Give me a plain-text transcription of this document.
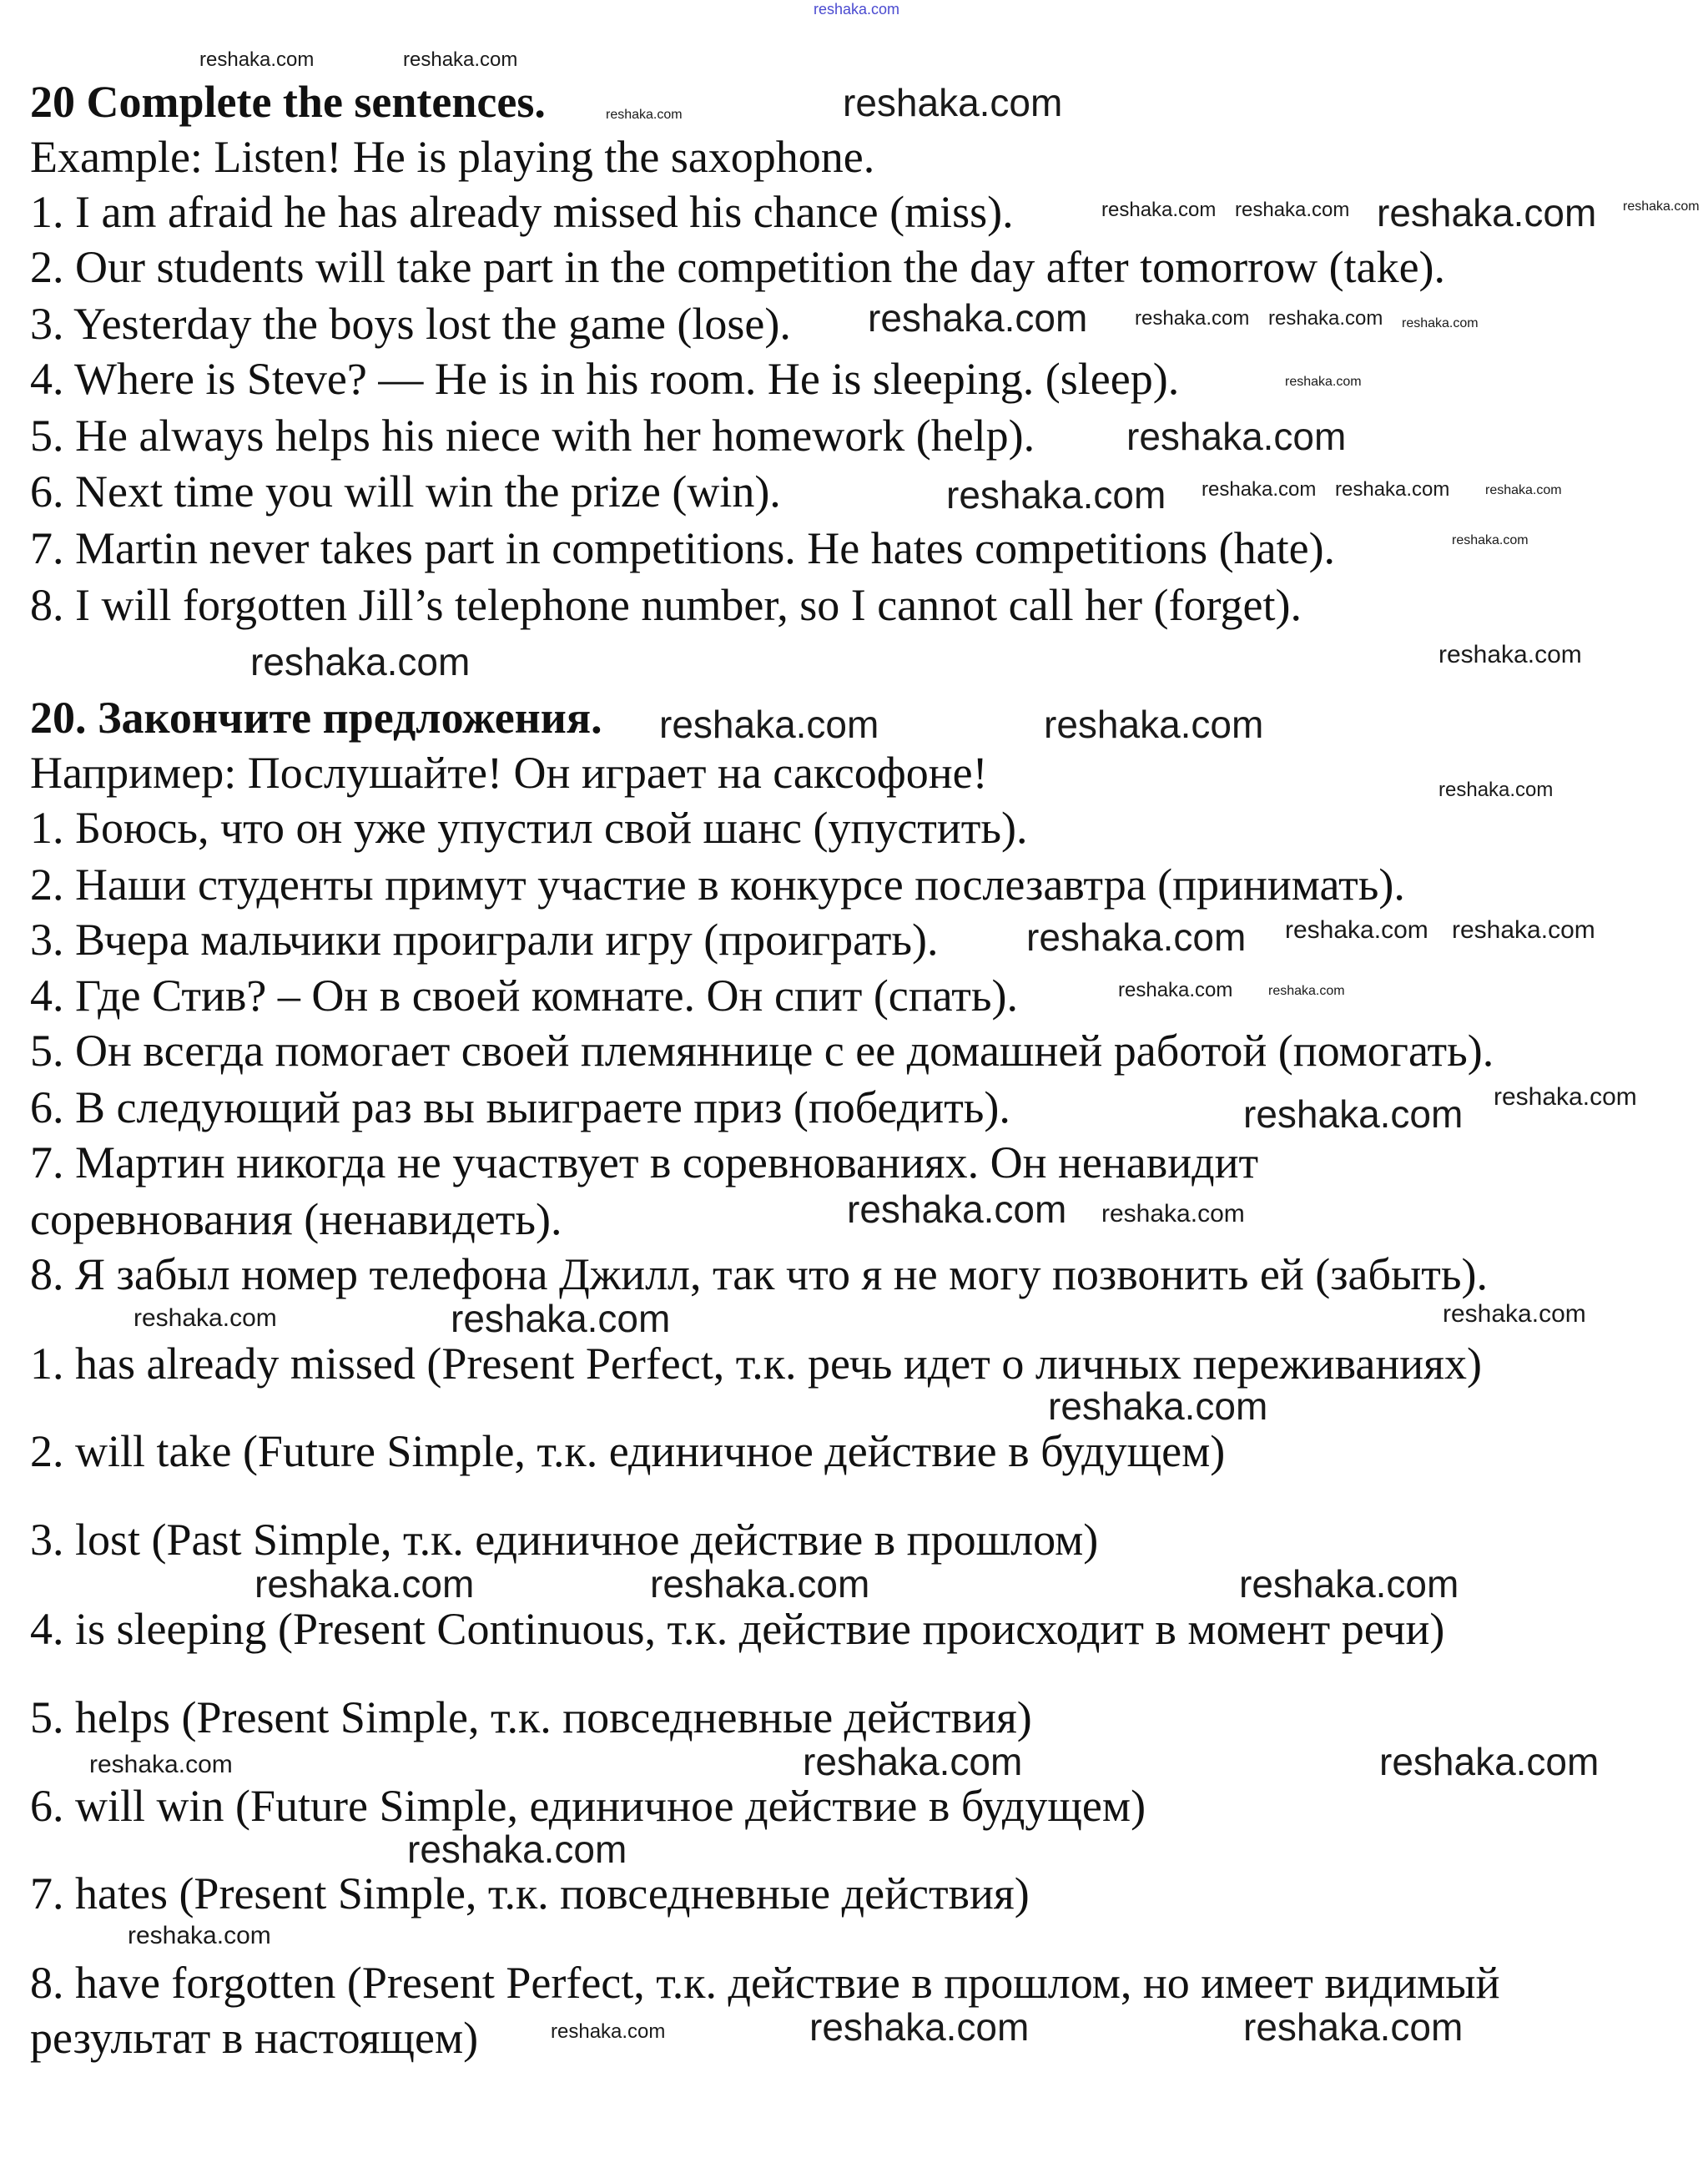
20 Complete the sentences.
Example: Listen! He is playing the saxophone.
1. I am afraid he has already missed his chance (miss).
2. Our students will take part in the competition the day after tomorrow (take).
3. Yesterday the boys lost the game (lose).
4. Where is Steve? — He is in his room. He is sleeping. (sleep).
5. He always helps his niece with her homework (help).
6. Next time you will win the prize (win).
7. Martin never takes part in competitions. He hates competitions (hate).
8. I will forgotten Jill’s telephone number, so I cannot call her (forget).
20. Закончите предложения.
Например: Послушайте! Он играет на саксофоне!
1. Боюсь, что он уже упустил свой шанс (упустить).
2. Наши студенты примут участие в конкурсе послезавтра (принимать).
3. Вчера мальчики проиграли игру (проиграть).
4. Где Стив? – Он в своей комнате. Он спит (спать).
5. Он всегда помогает своей племяннице с ее домашней работой (помогать).
6. В следующий раз вы выиграете приз (победить).
7. Мартин никогда не участвует в соревнованиях. Он ненавидит
соревнования (ненавидеть).
8. Я забыл номер телефона Джилл, так что я не могу позвонить ей (забыть).
1. has already missed (Present Perfect, т.к. речь идет о личных переживаниях)
2. will take (Future Simple, т.к. единичное действие в будущем)
3. lost (Past Simple, т.к. единичное действие в прошлом)
4. is sleeping (Present Continuous, т.к. действие происходит в момент речи)
5. helps (Present Simple, т.к. повседневные действия)
6. will win (Future Simple, единичное действие в будущем)
7. hates (Present Simple, т.к. повседневные действия)
8. have forgotten (Present Perfect, т.к. действие в прошлом, но имеет видимый
результат в настоящем)
reshaka.com
reshaka.com
reshaka.com
reshaka.com
reshaka.com
reshaka.com
reshaka.com
reshaka.com	reshaka.com
reshaka.com
reshaka.com
reshaka.com
reshaka.com
reshaka.com
reshaka.com	reshaka.com	reshaka.com
reshaka.com	reshaka.com
reshaka.com
reshaka.com	reshaka.com
reshaka.com
reshaka.com reshaka.com
reshaka.com
reshaka.com
reshaka.com	reshaka.com
reshaka.com
reshaka.com
reshaka.com	reshaka.com
reshaka.com reshaka.com
reshaka.com reshaka.com
reshaka.com reshaka.com
reshaka.com
reshaka.com
reshaka.com
reshaka.com
reshaka.com
reshaka.com
reshaka.com
reshaka.com
reshaka.com
reshaka.com
